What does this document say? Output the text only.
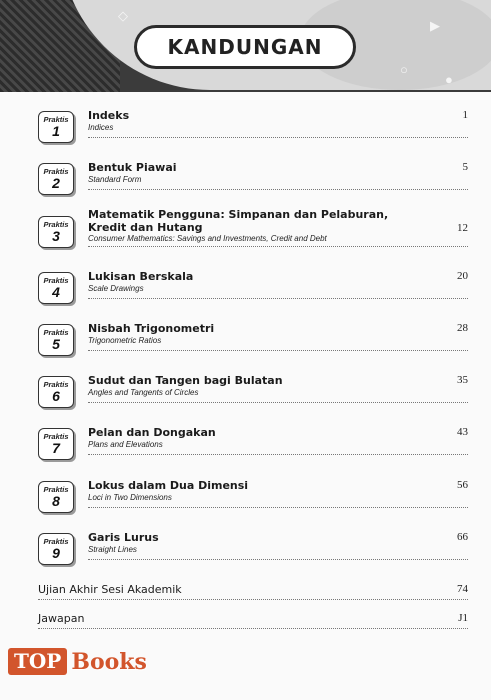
◇
▶
○
●
KANDUNGAN
Praktis
1
Indeks
Indices
1
Praktis
2
Bentuk Piawai
Standard Form
5
Praktis
3
Matematik Pengguna: Simpanan dan Pelaburan, Kredit dan Hutang
Consumer Mathematics: Savings and Investments, Credit and Debt
12
Praktis
4
Lukisan Berskala
Scale Drawings
20
Praktis
5
Nisbah Trigonometri
Trigonometric Ratios
28
Praktis
6
Sudut dan Tangen bagi Bulatan
Angles and Tangents of Circles
35
Praktis
7
Pelan dan Dongakan
Plans and Elevations
43
Praktis
8
Lokus dalam Dua Dimensi
Loci in Two Dimensions
56
Praktis
9
Garis Lurus
Straight Lines
66
Ujian Akhir Sesi Akademik	74
Jawapan	J1
TOP Books
